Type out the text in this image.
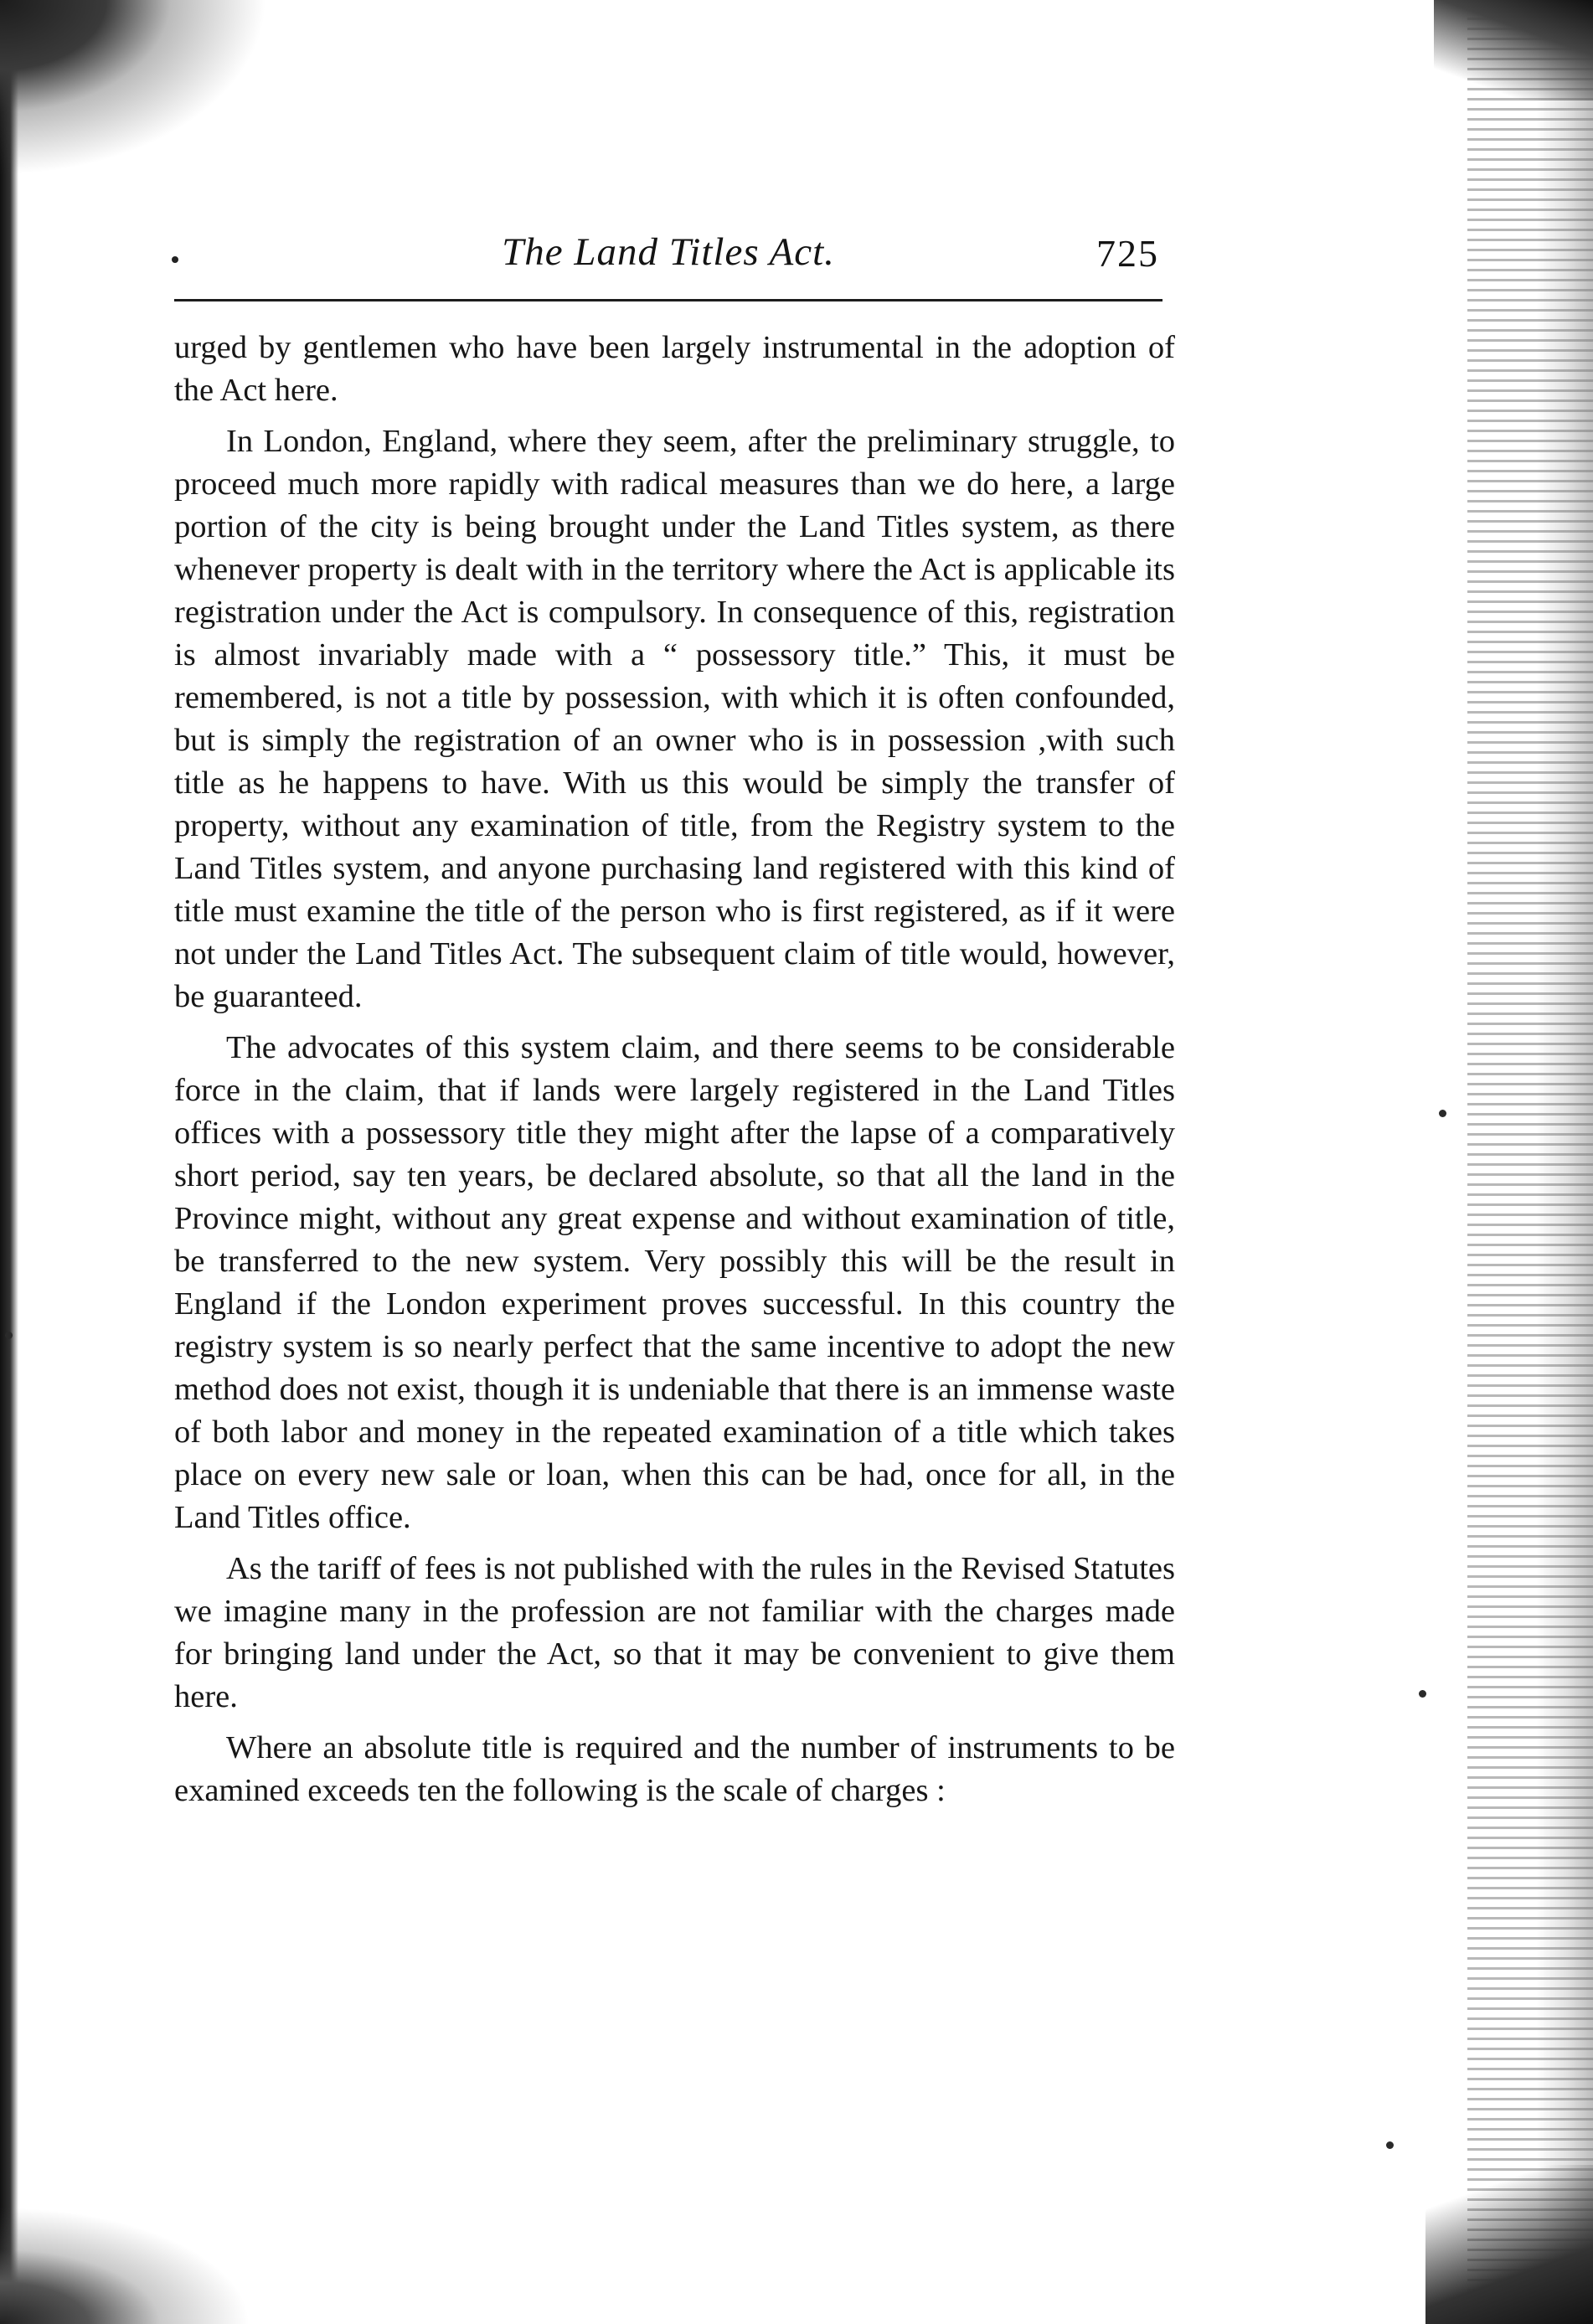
The Land Titles Act.	725

urged by gentlemen who have been largely instrumental in the adoption of the Act here.

In London, England, where they seem, after the preliminary struggle, to proceed much more rapidly with radical measures than we do here, a large portion of the city is being brought under the Land Titles system, as there whenever property is dealt with in the territory where the Act is applicable its registration under the Act is compulsory. In consequence of this, registration is almost invariably made with a “ possessory title.” This, it must be remembered, is not a title by possession, with which it is often confounded, but is simply the registration of an owner who is in possession ,with such title as he happens to have. With us this would be simply the transfer of property, without any examination of title, from the Registry system to the Land Titles system, and anyone purchasing land registered with this kind of title must examine the title of the person who is first registered, as if it were not under the Land Titles Act. The subsequent claim of title would, however, be guaranteed.

The advocates of this system claim, and there seems to be considerable force in the claim, that if lands were largely registered in the Land Titles offices with a possessory title they might after the lapse of a comparatively short period, say ten years, be declared absolute, so that all the land in the Province might, without any great expense and without examination of title, be transferred to the new system. Very possibly this will be the result in England if the London experiment proves successful. In this country the registry system is so nearly perfect that the same incentive to adopt the new method does not exist, though it is undeniable that there is an immense waste of both labor and money in the repeated examination of a title which takes place on every new sale or loan, when this can be had, once for all, in the Land Titles office.

As the tariff of fees is not published with the rules in the Revised Statutes we imagine many in the profession are not familiar with the charges made for bringing land under the Act, so that it may be convenient to give them here.

Where an absolute title is required and the number of instruments to be examined exceeds ten the following is the scale of charges :
